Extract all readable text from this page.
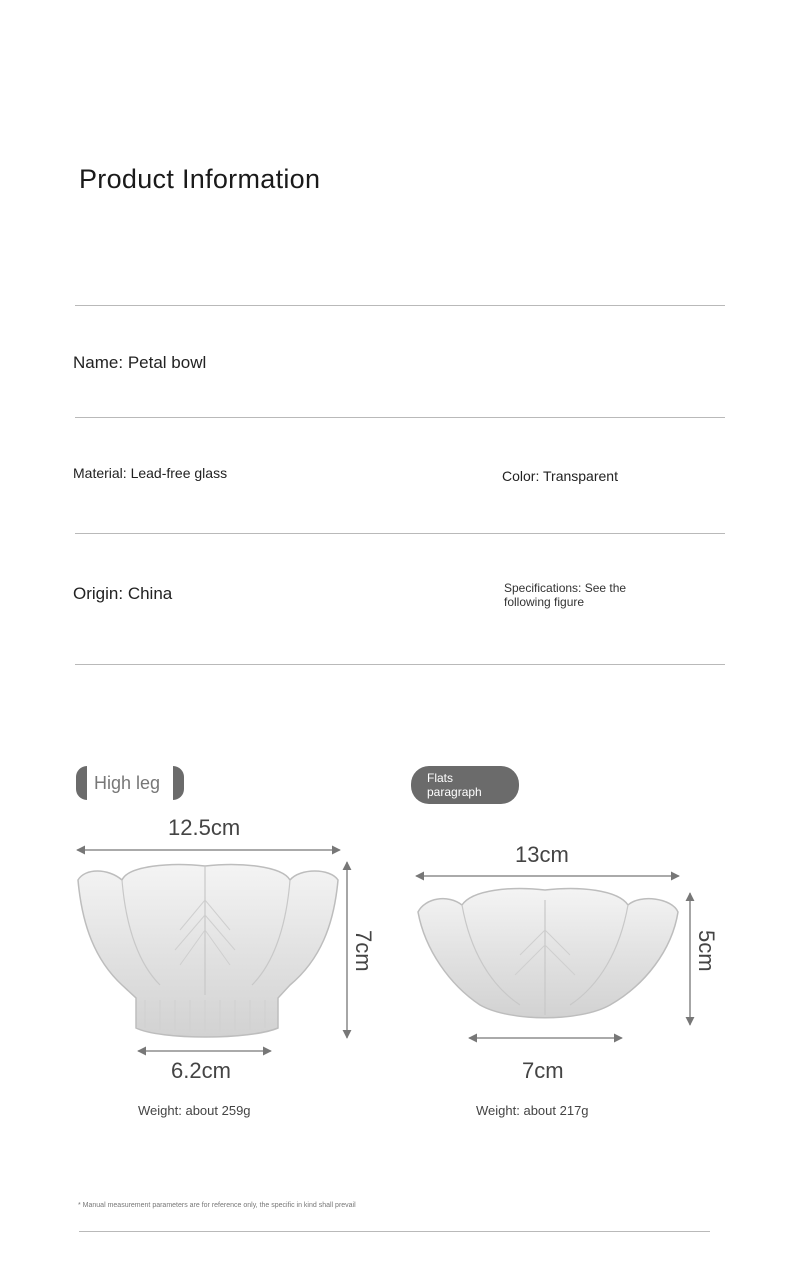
Product Information
Name: Petal bowl
Material: Lead-free glass	Color: Transparent
Origin: China	Specifications: See the following figure
High leg	Flats paragraph
12.5cm
7cm
6.2cm
Weight: about 259g
13cm
5cm
7cm
Weight: about 217g
* Manual measurement parameters are for reference only, the specific in kind shall prevail
